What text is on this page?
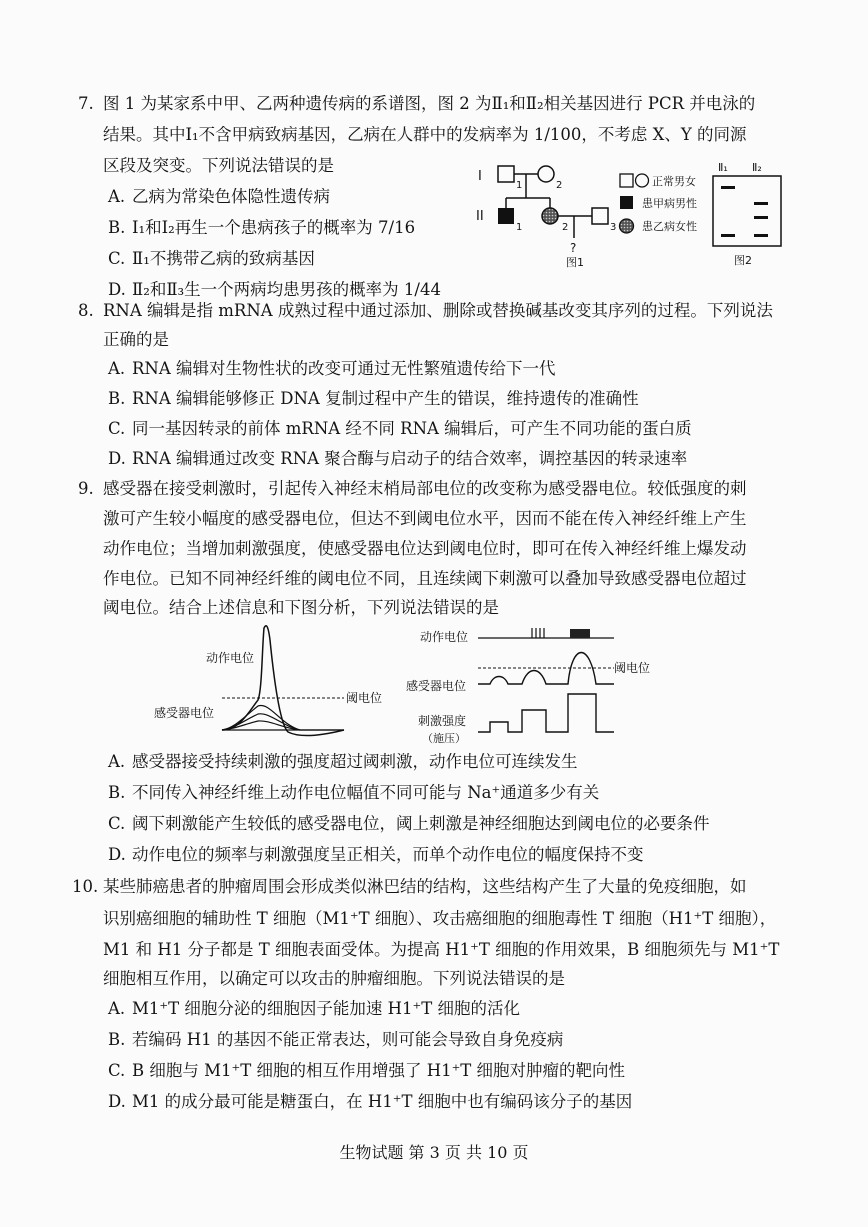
7. 图 1 为某家系中甲、乙两种遗传病的系谱图，图 2 为Ⅱ₁和Ⅱ₂相关基因进行 PCR 并电泳的
结果。其中Ⅰ₁不含甲病致病基因，乙病在人群中的发病率为 1/100，不考虑 X、Y 的同源
区段及突变。下列说法错误的是
A. 乙病为常染色体隐性遗传病
B. Ⅰ₁和Ⅰ₂再生一个患病孩子的概率为 7/16
C. Ⅱ₁不携带乙病的致病基因
D. Ⅱ₂和Ⅱ₃生一个两病均患男孩的概率为 1/44
I
II
1	2
1	2	3
?
图1
正常男女
患甲病男性
患乙病女性
Ⅱ₁ Ⅱ₂
图2
8. RNA 编辑是指 mRNA 成熟过程中通过添加、删除或替换碱基改变其序列的过程。下列说法
正确的是
A. RNA 编辑对生物性状的改变可通过无性繁殖遗传给下一代
B. RNA 编辑能够修正 DNA 复制过程中产生的错误，维持遗传的准确性
C. 同一基因转录的前体 mRNA 经不同 RNA 编辑后，可产生不同功能的蛋白质
D. RNA 编辑通过改变 RNA 聚合酶与启动子的结合效率，调控基因的转录速率
9. 感受器在接受刺激时，引起传入神经末梢局部电位的改变称为感受器电位。较低强度的刺
激可产生较小幅度的感受器电位，但达不到阈电位水平，因而不能在传入神经纤维上产生
动作电位；当增加刺激强度，使感受器电位达到阈电位时，即可在传入神经纤维上爆发动
作电位。已知不同神经纤维的阈电位不同，且连续阈下刺激可以叠加导致感受器电位超过
阈电位。结合上述信息和下图分析，下列说法错误的是
动作电位
感受器电位
阈电位
动作电位
阈电位
感受器电位
刺激强度
（施压）
A. 感受器接受持续刺激的强度超过阈刺激，动作电位可连续发生
B. 不同传入神经纤维上动作电位幅值不同可能与 Na⁺通道多少有关
C. 阈下刺激能产生较低的感受器电位，阈上刺激是神经细胞达到阈电位的必要条件
D. 动作电位的频率与刺激强度呈正相关，而单个动作电位的幅度保持不变
10. 某些肺癌患者的肿瘤周围会形成类似淋巴结的结构，这些结构产生了大量的免疫细胞，如
识别癌细胞的辅助性 T 细胞（M1⁺T 细胞）、攻击癌细胞的细胞毒性 T 细胞（H1⁺T 细胞），
M1 和 H1 分子都是 T 细胞表面受体。为提高 H1⁺T 细胞的作用效果，B 细胞须先与 M1⁺T
细胞相互作用，以确定可以攻击的肿瘤细胞。下列说法错误的是
A. M1⁺T 细胞分泌的细胞因子能加速 H1⁺T 细胞的活化
B. 若编码 H1 的基因不能正常表达，则可能会导致自身免疫病
C. B 细胞与 M1⁺T 细胞的相互作用增强了 H1⁺T 细胞对肿瘤的靶向性
D. M1 的成分最可能是糖蛋白，在 H1⁺T 细胞中也有编码该分子的基因
生物试题 第 3 页 共 10 页
